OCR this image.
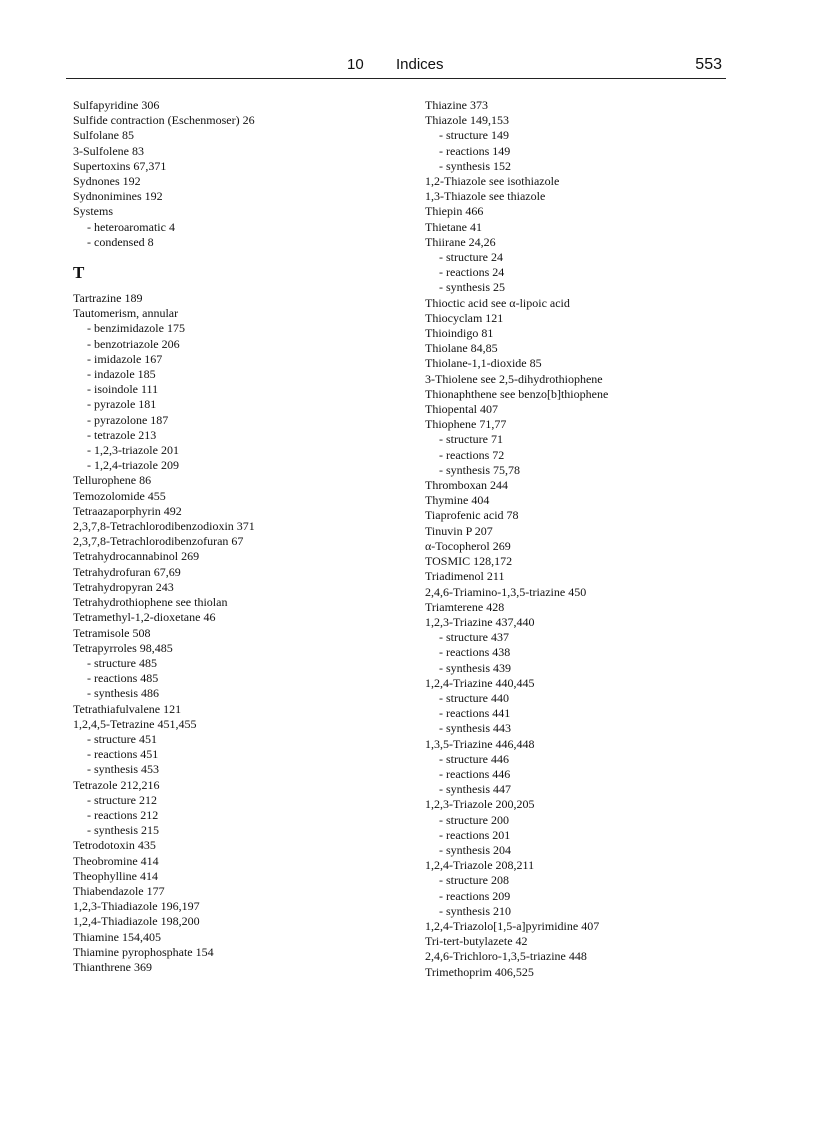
10 Indices	553
Sulfapyridine 306
Sulfide contraction (Eschenmoser) 26
Sulfolane 85
3-Sulfolene 83
Supertoxins 67,371
Sydnones 192
Sydnonimines 192
Systems
- heteroaromatic 4
- condensed 8
T
Tartrazine 189
Tautomerism, annular
- benzimidazole 175
- benzotriazole 206
- imidazole 167
- indazole 185
- isoindole 111
- pyrazole 181
- pyrazolone 187
- tetrazole 213
- 1,2,3-triazole 201
- 1,2,4-triazole 209
Tellurophene 86
Temozolomide 455
Tetraazaporphyrin 492
2,3,7,8-Tetrachlorodibenzodioxin 371
2,3,7,8-Tetrachlorodibenzofuran 67
Tetrahydrocannabinol 269
Tetrahydrofuran 67,69
Tetrahydropyran 243
Tetrahydrothiophene see thiolan
Tetramethyl-1,2-dioxetane 46
Tetramisole 508
Tetrapyrroles 98,485
- structure 485
- reactions 485
- synthesis 486
Tetrathiafulvalene 121
1,2,4,5-Tetrazine 451,455
- structure 451
- reactions 451
- synthesis 453
Tetrazole 212,216
- structure 212
- reactions 212
- synthesis 215
Tetrodotoxin 435
Theobromine 414
Theophylline 414
Thiabendazole 177
1,2,3-Thiadiazole 196,197
1,2,4-Thiadiazole 198,200
Thiamine 154,405
Thiamine pyrophosphate 154
Thianthrene 369
Thiazine 373
Thiazole 149,153
- structure 149
- reactions 149
- synthesis 152
1,2-Thiazole see isothiazole
1,3-Thiazole see thiazole
Thiepin 466
Thietane 41
Thiirane 24,26
- structure 24
- reactions 24
- synthesis 25
Thioctic acid see α-lipoic acid
Thiocyclam 121
Thioindigo 81
Thiolane 84,85
Thiolane-1,1-dioxide 85
3-Thiolene see 2,5-dihydrothiophene
Thionaphthene see benzo[b]thiophene
Thiopental 407
Thiophene 71,77
- structure 71
- reactions 72
- synthesis 75,78
Thromboxan 244
Thymine 404
Tiaprofenic acid 78
Tinuvin P 207
α-Tocopherol 269
TOSMIC 128,172
Triadimenol 211
2,4,6-Triamino-1,3,5-triazine 450
Triamterene 428
1,2,3-Triazine 437,440
- structure 437
- reactions 438
- synthesis 439
1,2,4-Triazine 440,445
- structure 440
- reactions 441
- synthesis 443
1,3,5-Triazine 446,448
- structure 446
- reactions 446
- synthesis 447
1,2,3-Triazole 200,205
- structure 200
- reactions 201
- synthesis 204
1,2,4-Triazole 208,211
- structure 208
- reactions 209
- synthesis 210
1,2,4-Triazolo[1,5-a]pyrimidine 407
Tri-tert-butylazete 42
2,4,6-Trichloro-1,3,5-triazine 448
Trimethoprim 406,525
